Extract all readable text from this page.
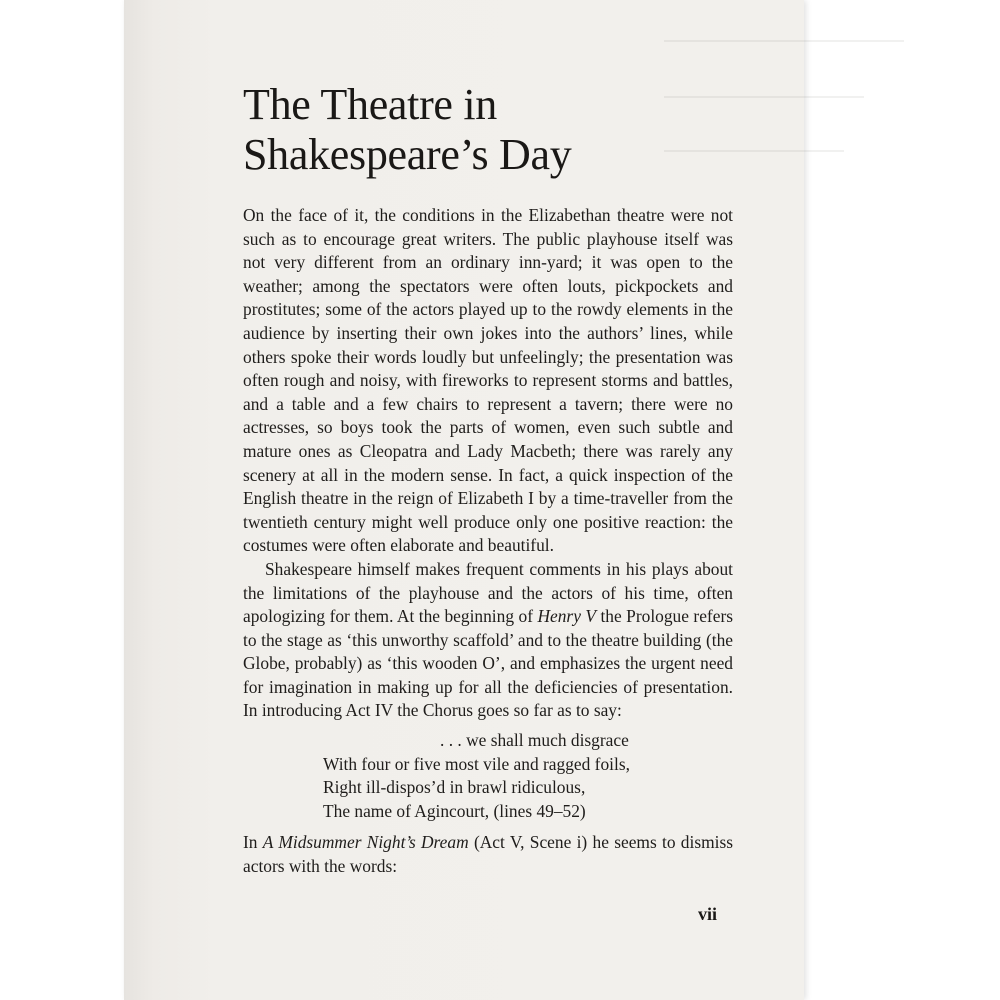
The Theatre in
Shakespeare’s Day

On the face of it, the conditions in the Elizabethan theatre were not such as to encourage great writers. The public playhouse itself was not very different from an ordinary inn-yard; it was open to the weather; among the spectators were often louts, pickpockets and prostitutes; some of the actors played up to the rowdy elements in the audience by inserting their own jokes into the authors’ lines, while others spoke their words loudly but unfeelingly; the presentation was often rough and noisy, with fireworks to represent storms and battles, and a table and a few chairs to represent a tavern; there were no actresses, so boys took the parts of women, even such subtle and mature ones as Cleopatra and Lady Macbeth; there was rarely any scenery at all in the modern sense. In fact, a quick inspection of the English theatre in the reign of Elizabeth I by a time-traveller from the twentieth century might well produce only one positive reaction: the costumes were often elaborate and beautiful.

Shakespeare himself makes frequent comments in his plays about the limitations of the playhouse and the actors of his time, often apologizing for them. At the beginning of Henry V the Prologue refers to the stage as ‘this unworthy scaffold’ and to the theatre building (the Globe, probably) as ‘this wooden O’, and emphasizes the urgent need for imagination in making up for all the deficiencies of presentation. In introducing Act IV the Chorus goes so far as to say:

. . . we shall much disgrace
With four or five most vile and ragged foils,
Right ill-dispos’d in brawl ridiculous,
The name of Agincourt, (lines 49–52)

In A Midsummer Night’s Dream (Act V, Scene i) he seems to dismiss actors with the words:

vii
